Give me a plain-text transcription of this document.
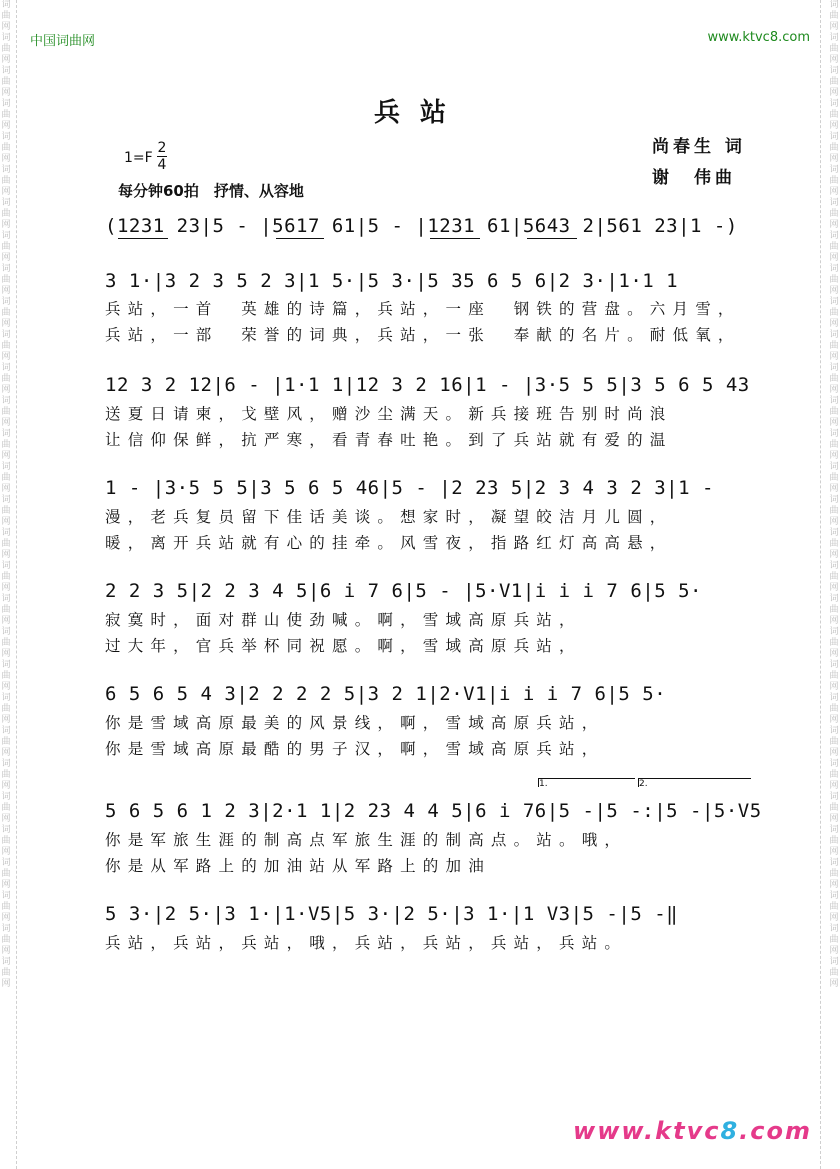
词曲网词曲网词曲网词曲网词曲网词曲网词曲网词曲网词曲网词曲网词曲网词曲网词曲网词曲网词曲网词曲网词曲网词曲网词曲网词曲网词曲网词曲网词曲网词曲网词曲网词曲网词曲网词曲网词曲网词曲网
词曲网词曲网词曲网词曲网词曲网词曲网词曲网词曲网词曲网词曲网词曲网词曲网词曲网词曲网词曲网词曲网词曲网词曲网词曲网词曲网词曲网词曲网词曲网词曲网词曲网词曲网词曲网词曲网词曲网词曲网
中国词曲网	www.ktvc8.com
兵站
1=F
2
4
每分钟60拍　抒情、从容地
尚春生 词
谢　伟曲
(1231 23|5 - |5617 61|5 - |1231 61|5643 2|561 23|1 -)
3 1·|3 2 3 5 2 3|1 5·|5 3·|5 35 6 5 6|2 3·|1·1 1
兵站，一首　英雄的诗篇，兵站，一座　钢铁的营盘。六月雪，
兵站，一部　荣誉的词典，兵站，一张　奉献的名片。耐低氧，
12 3 2 12|6 - |1·1 1|12 3 2 16|1 - |3·5 5 5|3 5 6 5 43
送夏日请柬，戈壁风，赠沙尘满天。新兵接班告别时尚浪
让信仰保鲜，抗严寒，看青春吐艳。到了兵站就有爱的温
1 - |3·5 5 5|3 5 6 5 46|5 - |2 23 5|2 3 4 3 2 3|1 -
漫，老兵复员留下佳话美谈。想家时，凝望皎洁月儿圆，
暖，离开兵站就有心的挂牵。风雪夜，指路红灯高高悬，
2 2 3 5|2 2 3 4 5|6 i 7 6|5 - |5·V1|i i i 7 6|5 5·
寂寞时，面对群山使劲喊。啊，雪域高原兵站，
过大年，官兵举杯同祝愿。啊，雪域高原兵站，
6 5 6 5 4 3|2 2 2 2 5|3 2 1|2·V1|i i i 7 6|5 5·
你是雪域高原最美的风景线，啊，雪域高原兵站，
你是雪域高原最酷的男子汉，啊，雪域高原兵站，
1.	2.
5 6 5 6 1 2 3|2·1 1|2 23 4 4 5|6 i 76|5 -|5 -:|5 -|5·V5
你是军旅生涯的制高点军旅生涯的制高点。站。哦，
你是从军路上的加油站从军路上的加油
5 3·|2 5·|3 1·|1·V5|5 3·|2 5·|3 1·|1 V3|5 -|5 -‖
兵站，兵站，兵站，哦，兵站，兵站，兵站，兵站。
www.ktvc8.com
